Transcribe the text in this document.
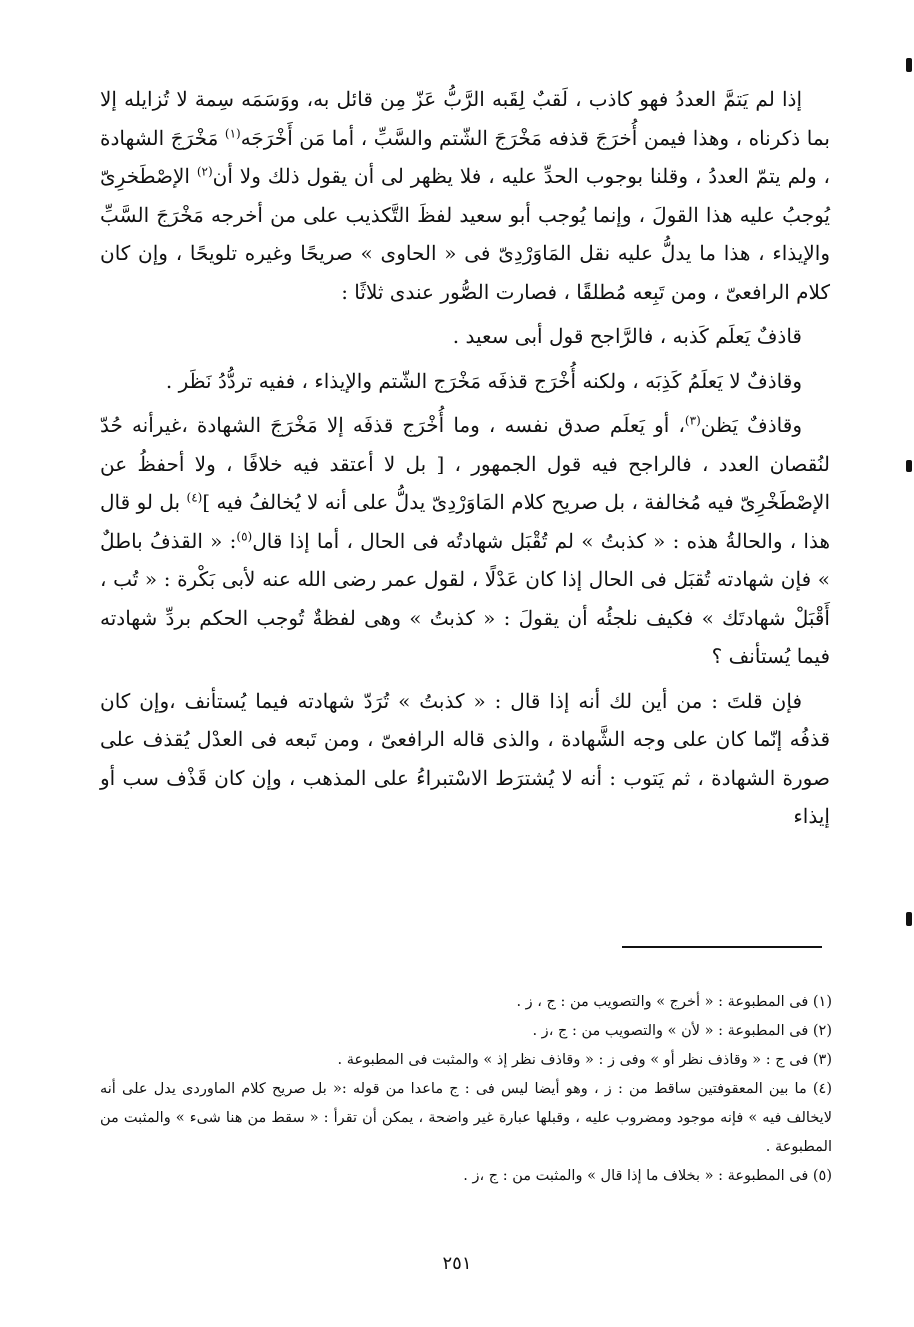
إذا لم يَتمَّ العددُ فهو كاذب ، لَقبٌ لِقَبه الرَّبُّ عَزّ مِن قائل به، ووَسَمَه سِمة لا تُزايله إلا بما ذكرناه ، وهذا فيمن أُخرَجَ قذفه مَخْرَجَ الشّتم والسَّبِّ ، أما مَن أَخْرَجَه$^{(١)}$ مَخْرَجَ الشهادة ، ولم يتمّ العددُ ، وقلنا بوجوب الحدِّ عليه ، فلا يظهر لى أن يقول ذلك ولا أن$^{(٢)}$ الإصْطَخرِىّ يُوجبُ عليه هذا القولَ ، وإنما يُوجب أبو سعيد لفظَ التَّكذيب على من أخرجه مَخْرَجَ السَّبِّ والإيذاء ، هذا ما يدلُّ عليه نقل المَاوَرْدِىّ فى « الحاوى » صريحًا وغيره تلويحًا ، وإن كان كلام الرافعىّ ، ومن تَبِعه مُطلقًا ، فصارت الصُّور عندى ثلاثًا :

قاذفٌ يَعلَم كَذبه ، فالرَّاجح قول أبى سعيد .

وقاذفٌ لا يَعلَمُ كَذِبَه ، ولكنه أُخْرَج قذفَه مَخْرَج الشّتم والإيذاء ، ففيه تردُّدُ نَظَر .

وقاذفٌ يَظن$^{(٣)}$، أو يَعلَم صدق نفسه ، وما أُخْرَج قذفَه إلا مَخْرَجَ الشهادة ،غيرأنه حُدّ لنُقصان العدد ، فالراجح فيه قول الجمهور ، [ بل لا أعتقد فيه خلافًا ، ولا أحفظُ عن الإصْطَخْرِىّ فيه مُخالفة ، بل صريح كلام المَاوَرْدِىّ يدلُّ على أنه لا يُخالفُ فيه ]$^{(٤)}$ بل لو قال هذا ، والحالةُ هذه : « كذبتُ » لم تُقْبَل شهادتُه فى الحال ، أما إذا قال$^{(٥)}$: « القذفُ باطلٌ » فإن شهادته تُقبَل فى الحال إذا كان عَدْلًا ، لقول عمر رضى الله عنه لأبى بَكْرة : « تُب ، أَقْبَلْ شهادتَك » فكيف نلجئُه أن يقولَ : « كذبتُ » وهى لفظةٌ تُوجب الحكم بردِّ شهادته فيما يُستأنف ؟

فإن قلتَ : من أين لك أنه إذا قال : « كذبتُ » تُرَدّ شهادته فيما يُستأنف ،وإن كان قذفُه إنّما كان على وجه الشَّهادة ، والذى قاله الرافعىّ ، ومن تَبعه فى العدْل يُقذف على صورة الشهادة ، ثم يَتوب : أنه لا يُشترَط الاسْتبراءُ على المذهب ، وإن كان قَذْف سب أو إيذاء

(١) فى المطبوعة : « أخرج » والتصويب من : ج ، ز .

(٢) فى المطبوعة : « لأن » والتصويب من : ج ،ز .

(٣) فى ج : « وقاذف نظر أو » وفى ز : « وقاذف نظر إذ » والمثبت فى المطبوعة .

(٤) ما بين المعقوفتين ساقط من : ز ، وهو أيضا ليس فى : ج ماعدا من قوله :« بل صريح كلام الماوردى يدل على أنه لايخالف فيه » فإنه موجود ومضروب عليه ، وقبلها عبارة غير واضحة ، يمكن أن تقرأ : « سقط من هنا شىء » والمثبت من المطبوعة .

(٥) فى المطبوعة : « بخلاف ما إذا قال » والمثبت من : ج ،ز .

٢٥١
